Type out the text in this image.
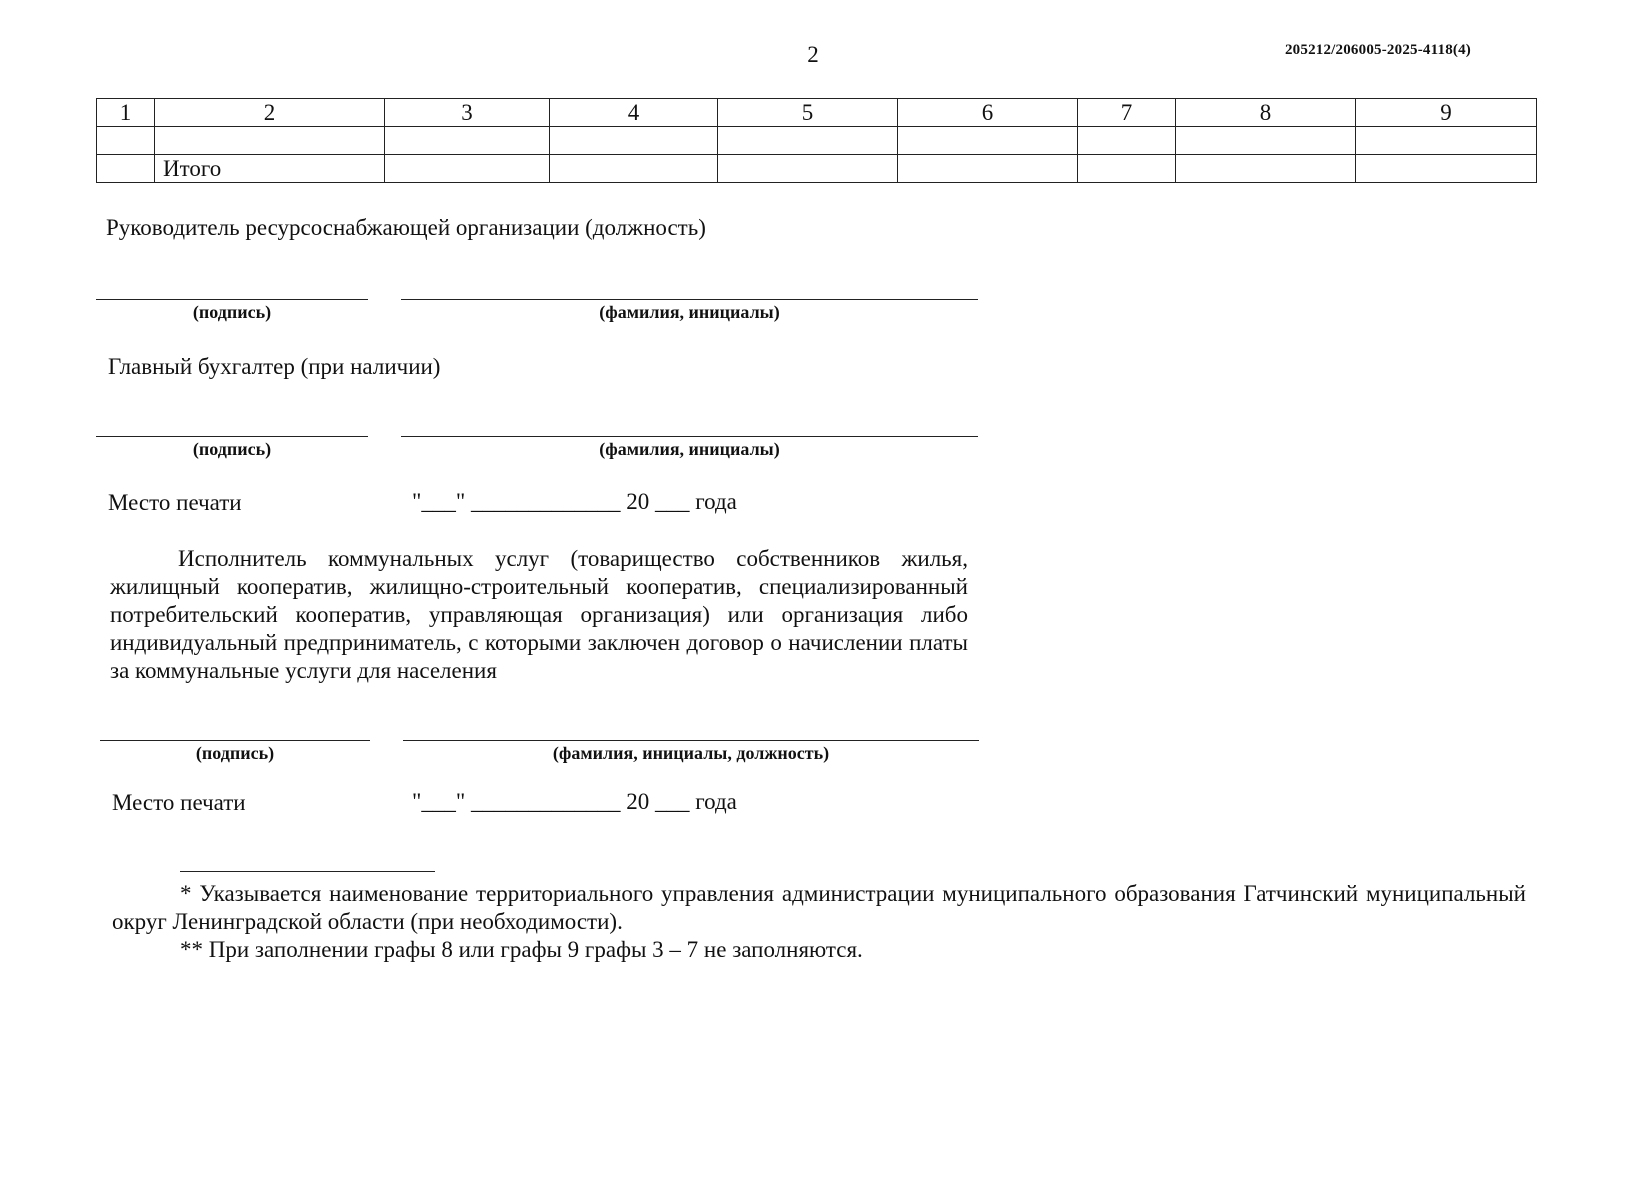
2	205212/206005-2025-4118(4)
1	2	3	4	5	6	7	8	9

	Итого							
Руководитель ресурсоснабжающей организации (должность)
(подпись)	(фамилия, инициалы)
Главный бухгалтер (при наличии)
(подпись)	(фамилия, инициалы)
Место печати	"___" _____________ 20 ___ года
Исполнитель коммунальных услуг (товарищество собственников жилья, жилищный кооператив, жилищно-строительный кооператив, специализированный потребительский кооператив, управляющая организация) или организация либо индивидуальный предприниматель, с которыми заключен договор о начислении платы за коммунальные услуги для населения
(подпись)	(фамилия, инициалы, должность)
Место печати	"___" _____________ 20 ___ года
* Указывается наименование территориального управления администрации муниципального образования Гатчинский муниципальный округ Ленинградской области (при необходимости).
** При заполнении графы 8 или графы 9 графы 3 – 7 не заполняются.
